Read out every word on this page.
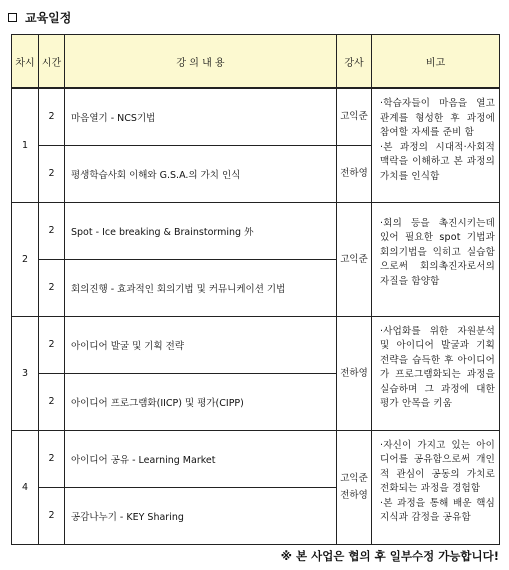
교육일정
차시	시간	강 의 내 용	강사	비고
1	2	마음열기 - NCS기법	고익준	·학습자들이 마음을 열고 관계를 형성한 후 과정에 참여할 자세를 준비 함
·본 과정의 시대적·사회적 맥락을 이해하고 본 과정의 가치를 인식함
	2	평생학습사회 이해와 G.S.A.의 가치 인식	전하영	
2	2	Spot - Ice breaking & Brainstorming 外	고익준	·회의 등을 촉진시키는데 있어 필요한 spot 기법과 회의기법을 익히고 실습함으로써 회의촉진자로서의 자질을 함양함
	2	회의진행 - 효과적인 회의기법 및 커뮤니케이션 기법		
3	2	아이디어 발굴 및 기획 전략	전하영	·사업화를 위한 자원분석 및 아이디어 발굴과 기획 전략을 습득한 후 아이디어가 프로그램화되는 과정을 실습하며 그 과정에 대한 평가 안목을 키움
	2	아이디어 프로그램화(IICP) 및 평가(CIPP)		
4	2	아이디어 공유 - Learning Market	고익준
전하영	·자신이 가지고 있는 아이디어를 공유함으로써 개인적 관심이 공동의 가치로 전화되는 과정을 경험함
·본 과정을 통해 배운 핵심지식과 감정을 공유함
	2	공감나누기 - KEY Sharing		
※ 본 사업은 협의 후 일부수정 가능합니다!
